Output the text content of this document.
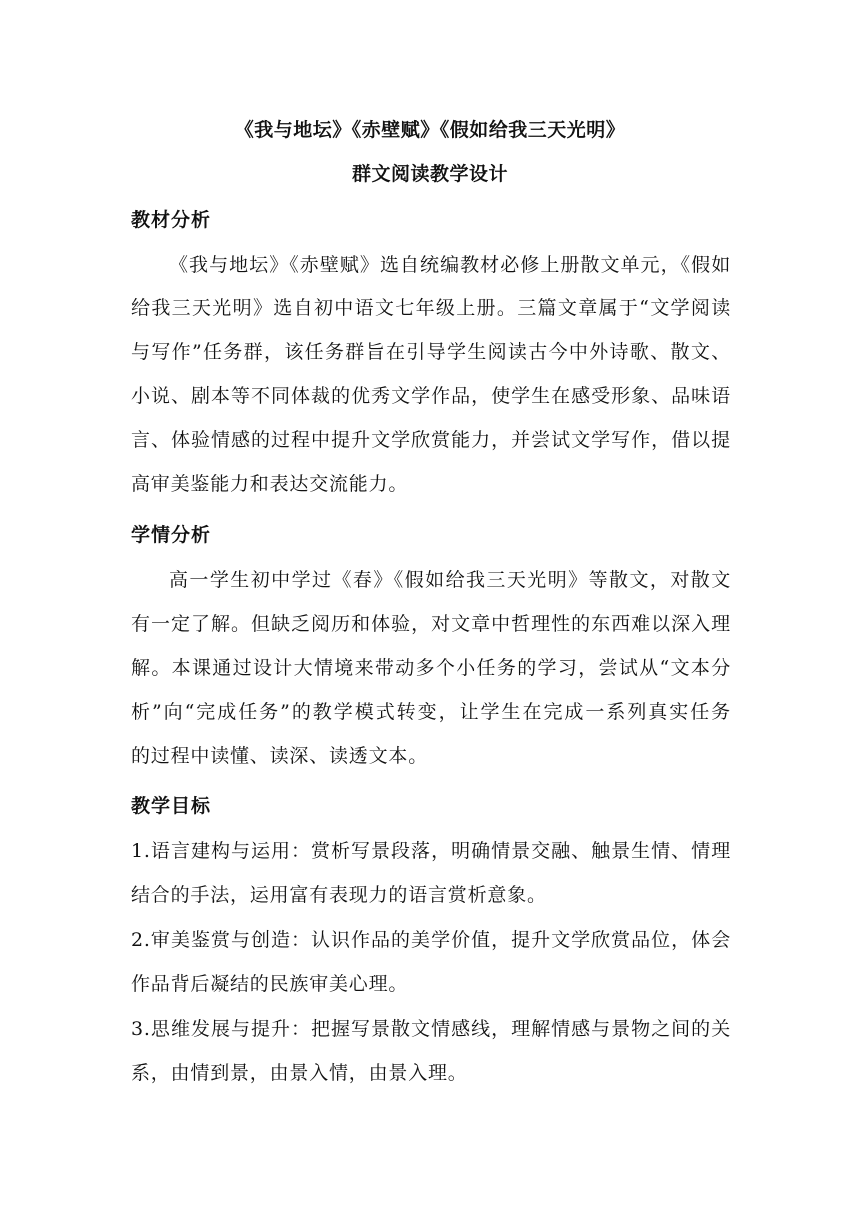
《我与地坛》《赤壁赋》《假如给我三天光明》
群文阅读教学设计
教材分析
《我与地坛》《赤壁赋》选自统编教材必修上册散文单元，《假如
给我三天光明》选自初中语文七年级上册。三篇文章属于“文学阅读
与写作”任务群，该任务群旨在引导学生阅读古今中外诗歌、散文、
小说、剧本等不同体裁的优秀文学作品，使学生在感受形象、品味语
言、体验情感的过程中提升文学欣赏能力，并尝试文学写作，借以提
高审美鉴能力和表达交流能力。
学情分析
高一学生初中学过《春》《假如给我三天光明》等散文，对散文
有一定了解。但缺乏阅历和体验，对文章中哲理性的东西难以深入理
解。本课通过设计大情境来带动多个小任务的学习，尝试从“文本分
析”向“完成任务”的教学模式转变，让学生在完成一系列真实任务
的过程中读懂、读深、读透文本。
教学目标
1.语言建构与运用：赏析写景段落，明确情景交融、触景生情、情理
结合的手法，运用富有表现力的语言赏析意象。
2.审美鉴赏与创造：认识作品的美学价值，提升文学欣赏品位，体会
作品背后凝结的民族审美心理。
3.思维发展与提升：把握写景散文情感线，理解情感与景物之间的关
系，由情到景，由景入情，由景入理。
